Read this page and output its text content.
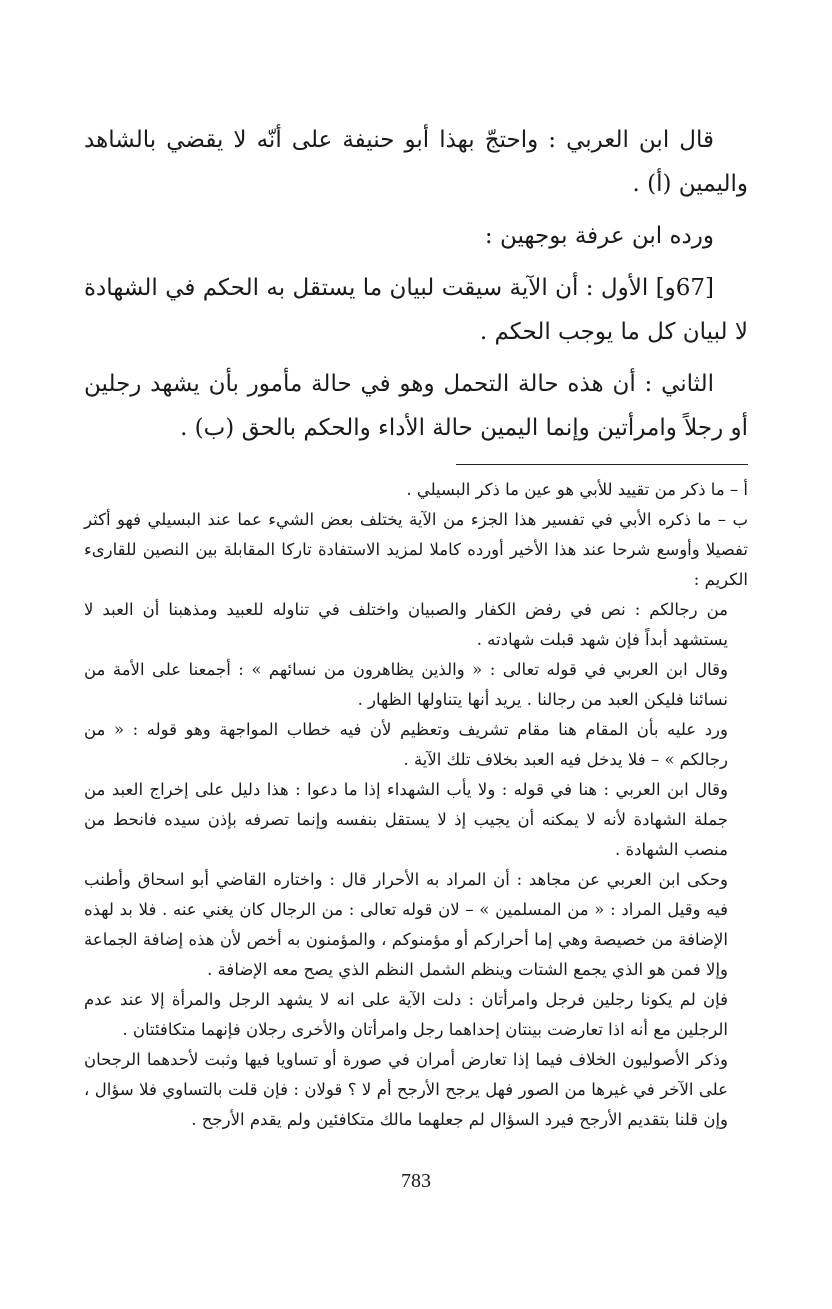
قال ابن العربي : واحتجّ بهذا أبو حنيفة على أنّه لا يقضي بالشاهد واليمين (أ) .

ورده ابن عرفة بوجهين :

[67و] الأول : أن الآية سيقت لبيان ما يستقل به الحكم في الشهادة لا لبيان كل ما يوجب الحكم .

الثاني : أن هذه حالة التحمل وهو في حالة مأمور بأن يشهد رجلين أو رجلاً وامرأتين وإنما اليمين حالة الأداء والحكم بالحق (ب) .

أ – ما ذكر من تقييد للأبي هو عين ما ذكر البسيلي .

ب – ما ذكره الأبي في تفسير هذا الجزء من الآية يختلف بعض الشيء عما عند البسيلي فهو أكثر تفصيلا وأوسع شرحا عند هذا الأخير أورده كاملا لمزيد الاستفادة تاركا المقابلة بين النصين للقارىء الكريم :

من رجالكم : نص في رفض الكفار والصبيان واختلف في تناوله للعبيد ومذهبنا أن العبد لا يستشهد أبداً فإن شهد قبلت شهادته .

وقال ابن العربي في قوله تعالى : « والذين يظاهرون من نسائهم » : أجمعنا على الأمة من نسائنا فليكن العبد من رجالنا . يريد أنها يتناولها الظهار .

ورد عليه بأن المقام هنا مقام تشريف وتعظيم لأن فيه خطاب المواجهة وهو قوله : « من رجالكم » – فلا يدخل فيه العبد بخلاف تلك الآية .

وقال ابن العربي : هنا في قوله : ولا يأب الشهداء إذا ما دعوا : هذا دليل على إخراج العبد من جملة الشهادة لأنه لا يمكنه أن يجيب إذ لا يستقل بنفسه وإنما تصرفه بإذن سيده فانحط من منصب الشهادة .

وحكى ابن العربي عن مجاهد : أن المراد به الأحرار قال : واختاره القاضي أبو اسحاق وأطنب فيه وقيل المراد : « من المسلمين » – لان قوله تعالى : من الرجال كان يغني عنه . فلا بد لهذه الإضافة من خصيصة وهي إما أحراركم أو مؤمنوكم ، والمؤمنون به أخص لأن هذه إضافة الجماعة وإلا فمن هو الذي يجمع الشتات وينظم الشمل النظم الذي يصح معه الإضافة .

فإن لم يكونا رجلين فرجل وامرأتان : دلت الآية على انه لا يشهد الرجل والمرأة إلا عند عدم الرجلين مع أنه اذا تعارضت بينتان إحداهما رجل وامرأتان والأخرى رجلان فإنهما متكافئتان .

وذكر الأصوليون الخلاف فيما إذا تعارض أمران في صورة أو تساويا فيها وثبت لأحدهما الرجحان على الآخر في غيرها من الصور فهل يرجح الأرجح أم لا ؟ قولان : فإن قلت بالتساوي فلا سؤال ، وإن قلنا بتقديم الأرجح فيرد السؤال لم جعلهما مالك متكافئين ولم يقدم الأرجح .

783
